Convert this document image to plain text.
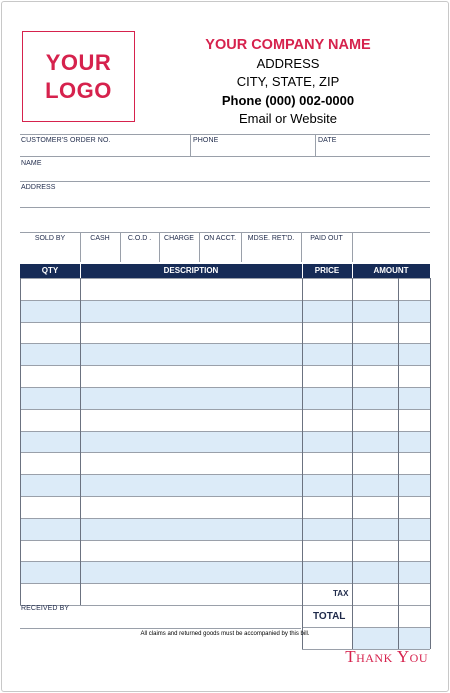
YOUR
LOGO
YOUR COMPANY NAME
ADDRESS
CITY, STATE, ZIP
Phone (000) 002-0000
Email or Website
CUSTOMER'S ORDER NO.	PHONE	DATE
NAME
ADDRESS
SOLD BY	CASH	C.O.D .	CHARGE	ON ACCT.	MDSE. RET'D.	PAID OUT
QTY	DESCRIPTION	PRICE	AMOUNT
TAX
TOTAL
RECEIVED BY
All claims and returned goods must be accompanied by this bill.
Thank You
